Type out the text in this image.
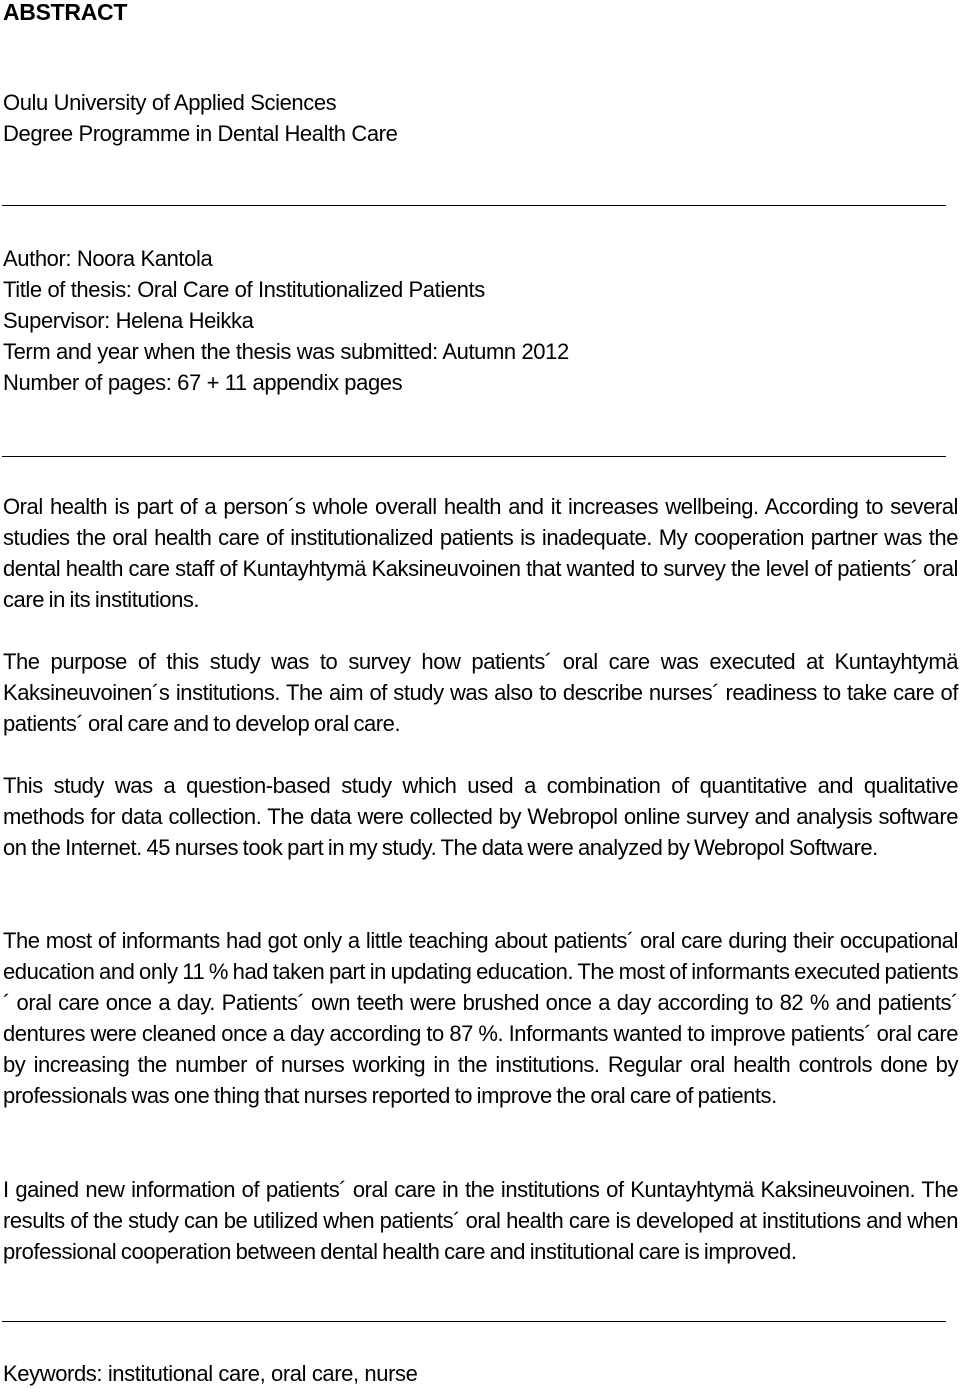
ABSTRACT
Oulu University of Applied Sciences
Degree Programme in Dental Health Care
Author: Noora Kantola
Title of thesis: Oral Care of Institutionalized Patients
Supervisor: Helena Heikka
Term and year when the thesis was submitted: Autumn 2012
Number of pages: 67 + 11 appendix pages

Oral health is part of a person´s whole overall health and it increases wellbeing. According to several studies the oral health care of institutionalized patients is inadequate. My cooperation partner was the dental health care staff of Kuntayhtymä Kaksineuvoinen that wanted to survey the level of patients´ oral care in its institutions.

The purpose of this study was to survey how patients´ oral care was executed at Kuntayhtymä Kaksineuvoinen´s institutions. The aim of study was also to describe nurses´ readiness to take care of patients´ oral care and to develop oral care.

This study was a question-based study which used a combination of quantitative and qualitative methods for data collection. The data were collected by Webropol online survey and analysis software on the Internet. 45 nurses took part in my study. The data were analyzed by Webropol Software.

The most of informants had got only a little teaching about patients´ oral care during their occupational education and only 11 % had taken part in updating education. The most of informants executed patients´ oral care once a day. Patients´ own teeth were brushed once a day according to 82 % and patients´ dentures were cleaned once a day according to 87 %. Informants wanted to improve patients´ oral care by increasing the number of nurses working in the institutions. Regular oral health controls done by professionals was one thing that nurses reported to improve the oral care of patients.

I gained new information of patients´ oral care in the institutions of Kuntayhtymä Kaksineuvoinen. The results of the study can be utilized when patients´ oral health care is developed at institutions and when professional cooperation between dental health care and institutional care is improved.

Keywords: institutional care, oral care, nurse
